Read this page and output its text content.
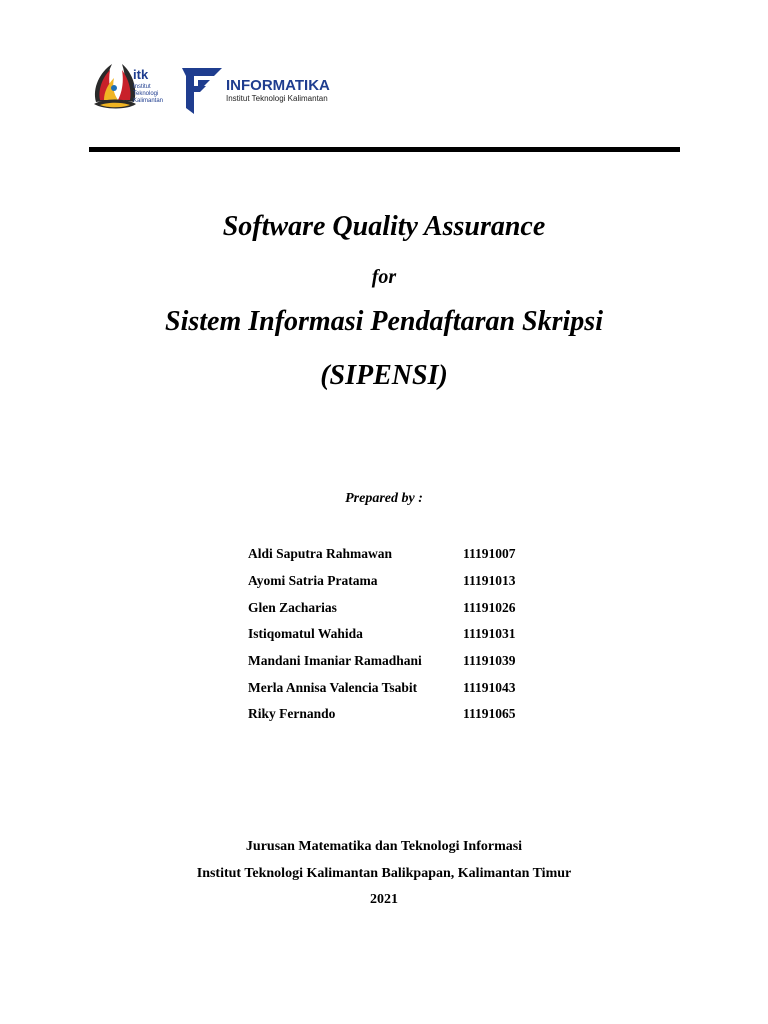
itk
Institut
Teknologi
Kalimantan
INFORMATIKA
Institut Teknologi Kalimantan
Software Quality Assurance

for

Sistem Informasi Pendaftaran Skripsi
(SIPENSI)
Prepared by :
Aldi Saputra Rahmawan	11191007
Ayomi Satria Pratama	11191013
Glen Zacharias	11191026
Istiqomatul Wahida	11191031
Mandani Imaniar Ramadhani	11191039
Merla Annisa Valencia Tsabit	11191043
Riky Fernando	11191065
Jurusan Matematika dan Teknologi Informasi
Institut Teknologi Kalimantan Balikpapan, Kalimantan Timur
2021
